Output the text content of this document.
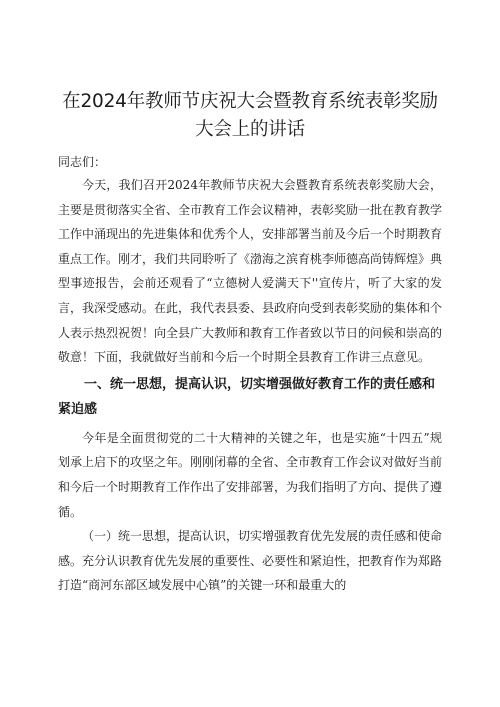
在2024年教师节庆祝大会暨教育系统表彰奖励大会上的讲话

同志们：

今天，我们召开2024年教师节庆祝大会暨教育系统表彰奖励大会，主要是贯彻落实全省、全市教育工作会议精神，表彰奖励一批在教育教学工作中涌现出的先进集体和优秀个人，安排部署当前及今后一个时期教育重点工作。刚才，我们共同聆听了《渤海之滨育桃李师德高尚铸辉煌》典型事迹报告，会前还观看了“立德树人爱满天下''宣传片，听了大家的发言，我深受感动。在此，我代表县委、县政府向受到表彰奖励的集体和个人表示热烈祝贺！向全县广大教师和教育工作者致以节日的问候和崇高的敬意！下面，我就做好当前和今后一个时期全县教育工作讲三点意见。

一、统一思想，提高认识，切实增强做好教育工作的责任感和紧迫感

今年是全面贯彻党的二十大精神的关键之年，也是实施“十四五”规划承上启下的攻坚之年。刚刚闭幕的全省、全市教育工作会议对做好当前和今后一个时期教育工作作出了安排部署，为我们指明了方向、提供了遵循。

（一）统一思想，提高认识，切实增强教育优先发展的责任感和使命感。充分认识教育优先发展的重要性、必要性和紧迫性，把教育作为郑路打造“商河东部区域发展中心镇”的关键一环和最重大的
